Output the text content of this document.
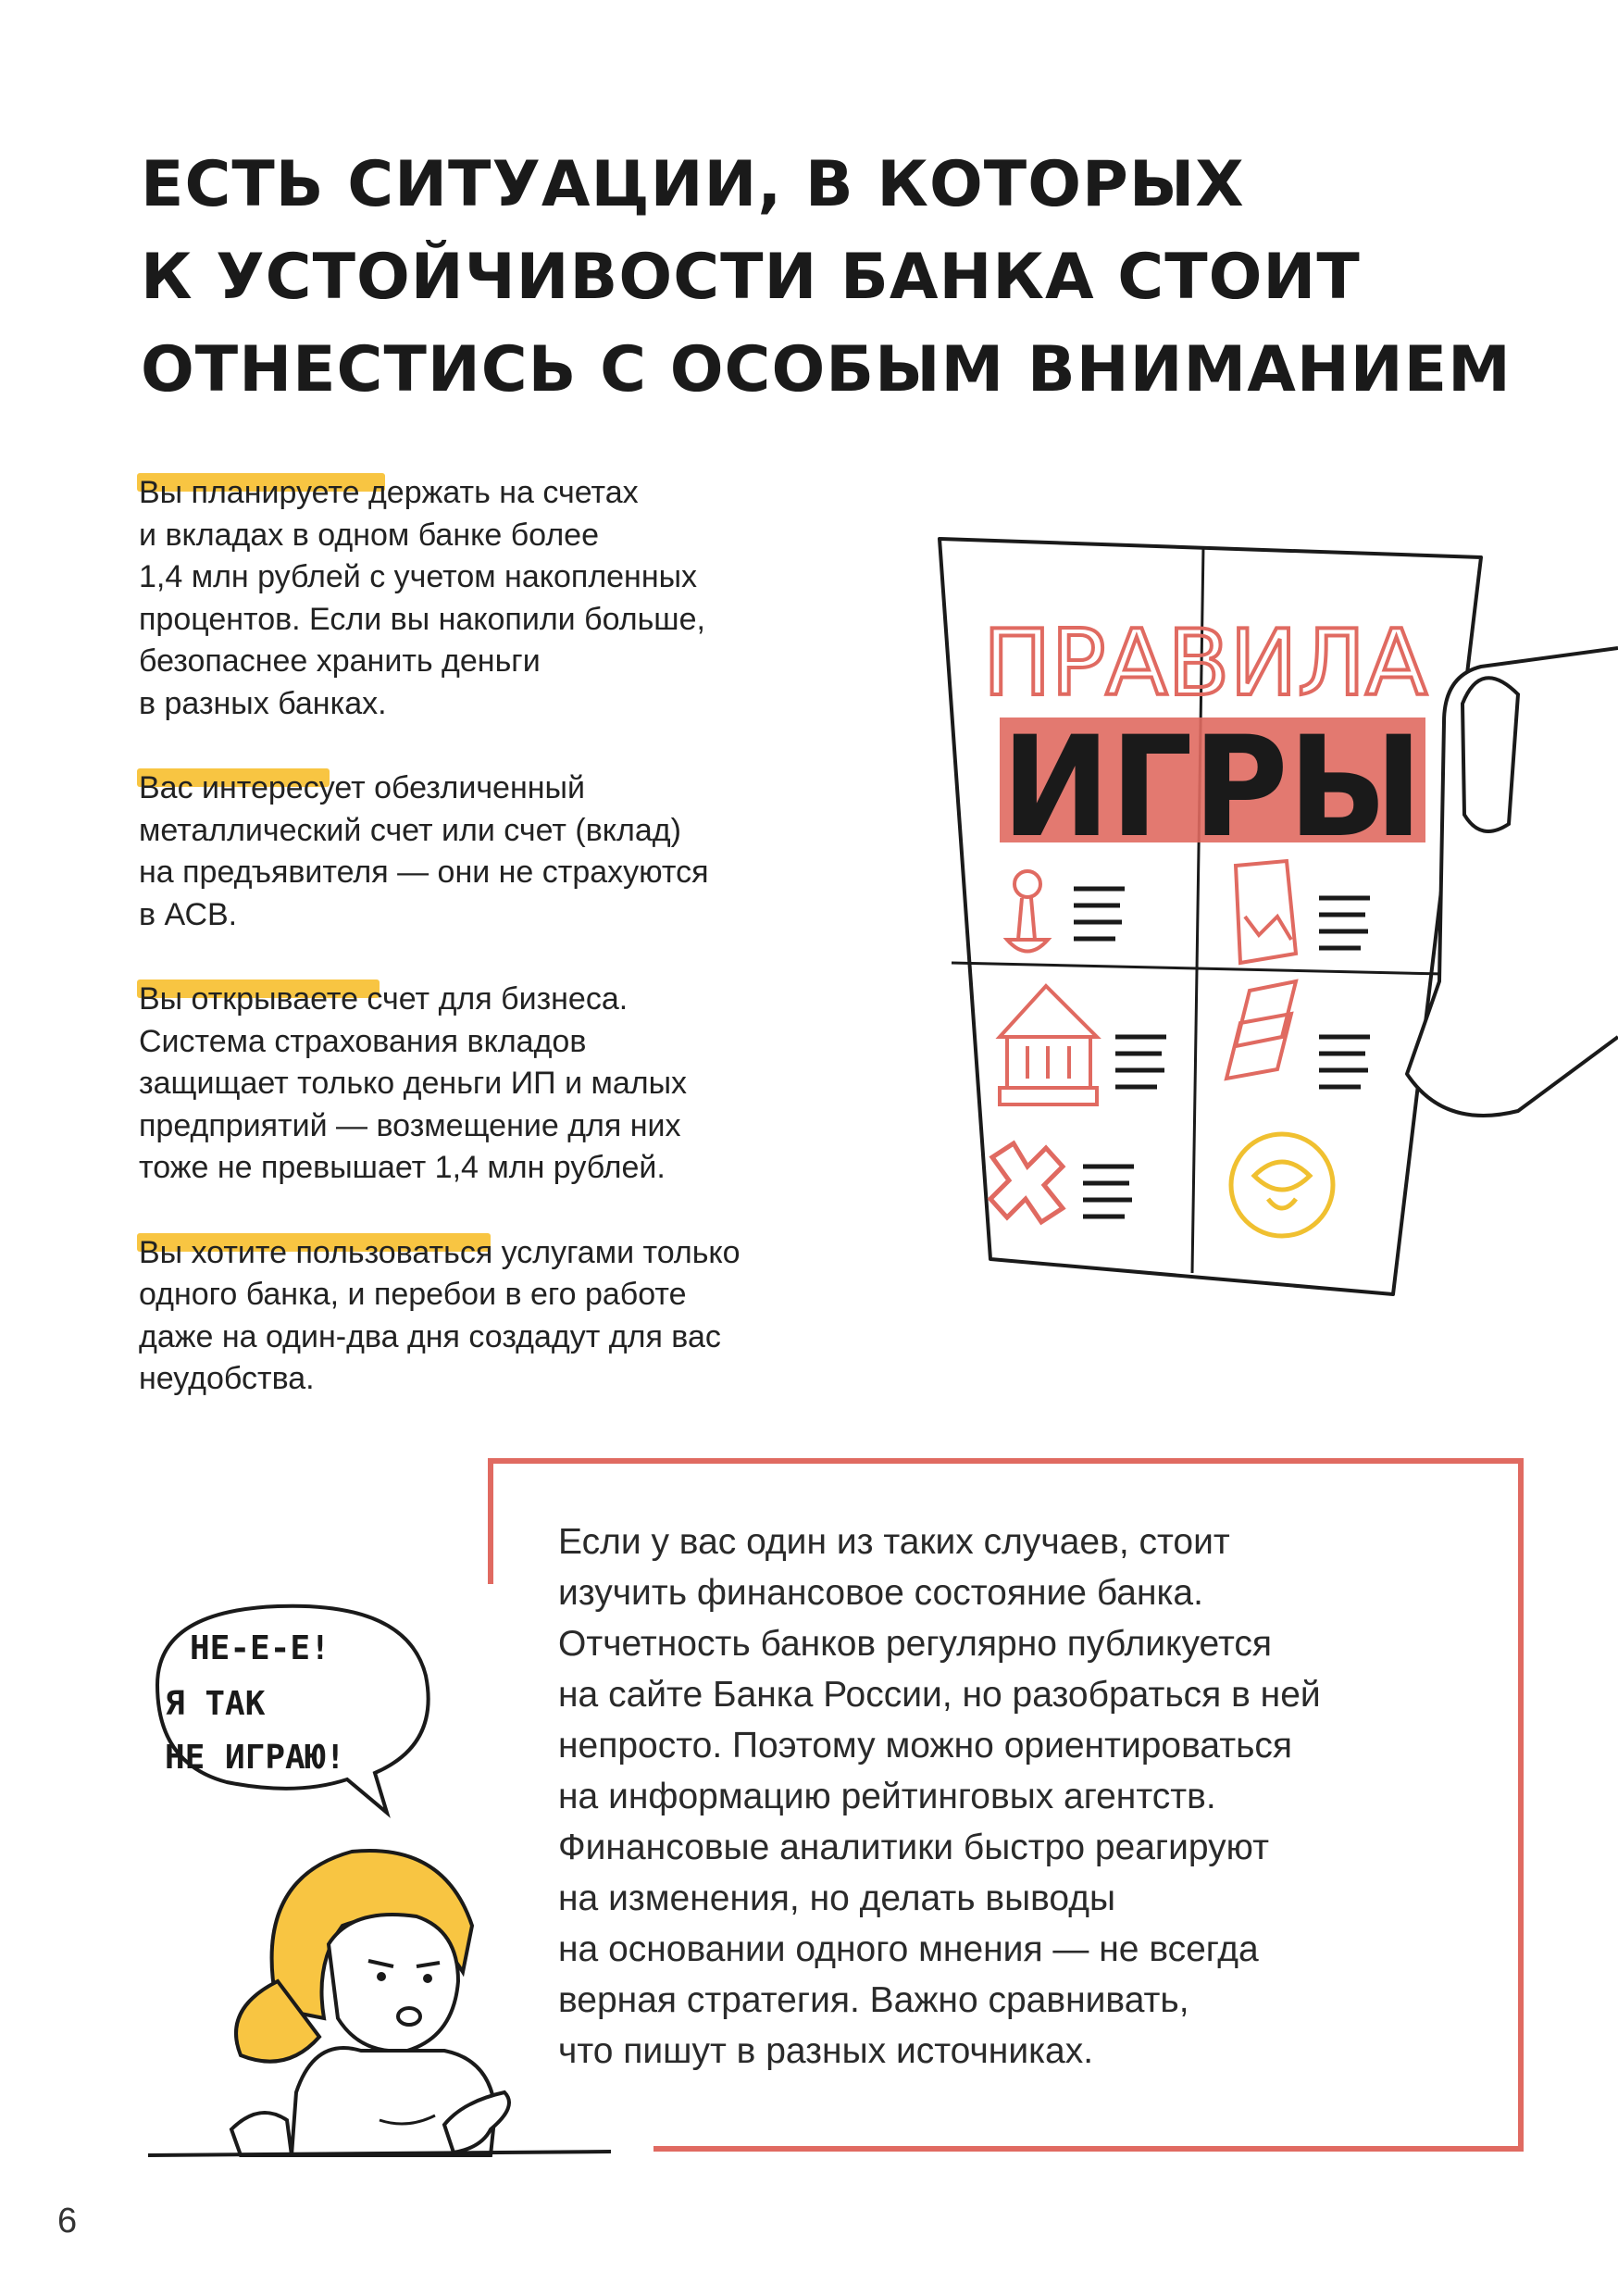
ЕСТЬ СИТУАЦИИ, В КОТОРЫХ
К УСТОЙЧИВОСТИ БАНКА СТОИТ
ОТНЕСТИСЬ С ОСОБЫМ ВНИМАНИЕМ
Вы планируете держать на счетах
и вкладах в одном банке более
1,4 млн рублей с учетом накопленных
процентов. Если вы накопили больше,
безопаснее хранить деньги
в разных банках.
Вас интересует обезличенный
металлический счет или счет (вклад)
на предъявителя — они не страхуются
в АСВ.
Вы открываете счет для бизнеса.
Система страхования вкладов
защищает только деньги ИП и малых
предприятий — возмещение для них
тоже не превышает 1,4 млн рублей.
Вы хотите пользоваться услугами только
одного банка, и перебои в его работе
даже на один-два дня создадут для вас
неудобства.
ПРАВИЛА
ИГРЫ
НЕ-Е-Е!
Я ТАК
НЕ ИГРАЮ!
Если у вас один из таких случаев, стоит
изучить финансовое состояние банка.
Отчетность банков регулярно публикуется
на сайте Банка России, но разобраться в ней
непросто. Поэтому можно ориентироваться
на информацию рейтинговых агентств.
Финансовые аналитики быстро реагируют
на изменения, но делать выводы
на основании одного мнения — не всегда
верная стратегия. Важно сравнивать,
что пишут в разных источниках.
6
